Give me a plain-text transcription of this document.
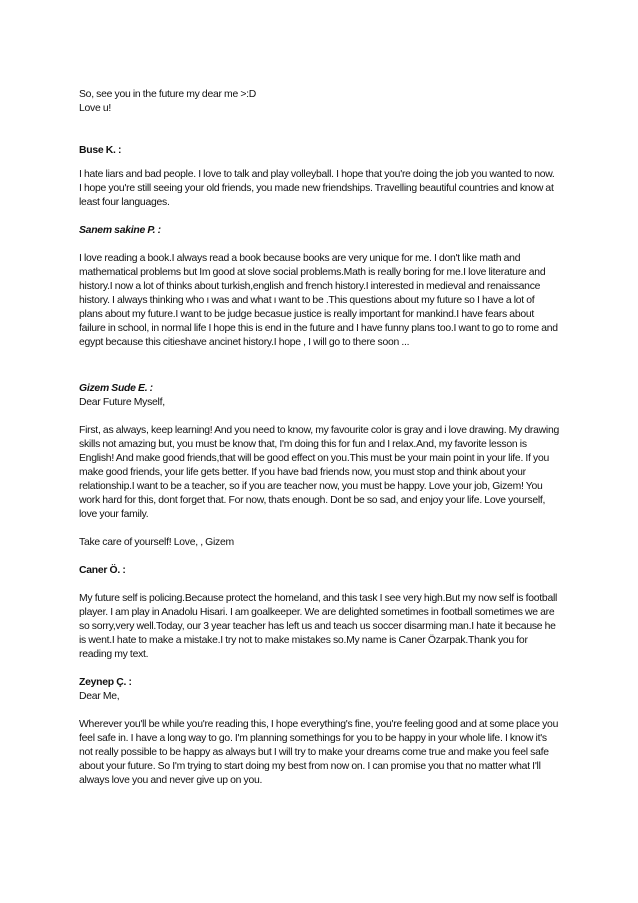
So, see you in the future my dear me >:D

Love u!

Buse K. :

I hate liars and bad people. I love to talk and play volleyball. I hope that you're doing the job you wanted to now. I hope you're still seeing your old friends, you made new friendships. Travelling beautiful countries and know at least four languages.

Sanem sakine P. :

I love reading a book.I always read a book because books are very unique for me. I don't like math and mathematical problems but Im good at slove social problems.Math is really boring for me.I love literature and history.I now a lot of thinks about turkish,english and french history.I interested in medieval and renaissance history. I always thinking who ı was and what ı want to be .This questions about my future so I have a lot of plans about my future.I want to be judge becasue justice is really important for mankind.I have fears about failure in school, in normal life I hope this is end in the future and I have funny plans too.I want to go to rome and egypt because this citieshave ancinet history.I hope , I will go to there soon ...

Gizem Sude E. :

Dear Future Myself,

First, as always, keep learning! And you need to know, my favourite color is gray and i love drawing. My drawing skills not amazing but, you must be know that, I'm doing this for fun and I relax.And, my favorite lesson is English! And make good friends,that will be good effect on you.This must be your main point in your life. If you make good friends, your life gets better. If you have bad friends now, you must stop and think about your relationship.I want to be a teacher, so if you are teacher now, you must be happy. Love your job, Gizem! You work hard for this, dont forget that. For now, thats enough. Dont be so sad, and enjoy your life. Love yourself, love your family.

Take care of yourself! Love, , Gizem

Caner Ö. :

My future self is policing.Because protect the homeland, and this task I see very high.But my now self is football player. I am play in Anadolu Hisari. I am goalkeeper. We are delighted sometimes in football sometimes we are so sorry,very well.Today, our 3 year teacher has left us and teach us soccer disarming man.I hate it because he is went.I hate to make a mistake.I try not to make mistakes so.My name is Caner Özarpak.Thank you for reading my text.

Zeynep Ç. :

Dear Me,

Wherever you'll be while you're reading this, I hope everything's fine, you're feeling good and at some place you feel safe in. I have a long way to go. I'm planning somethings for you to be happy in your whole life. I know it's not really possible to be happy as always but I will try to make your dreams come true and make you feel safe about your future. So I'm trying to start doing my best from now on. I can promise you that no matter what I'll always love you and never give up on you.
